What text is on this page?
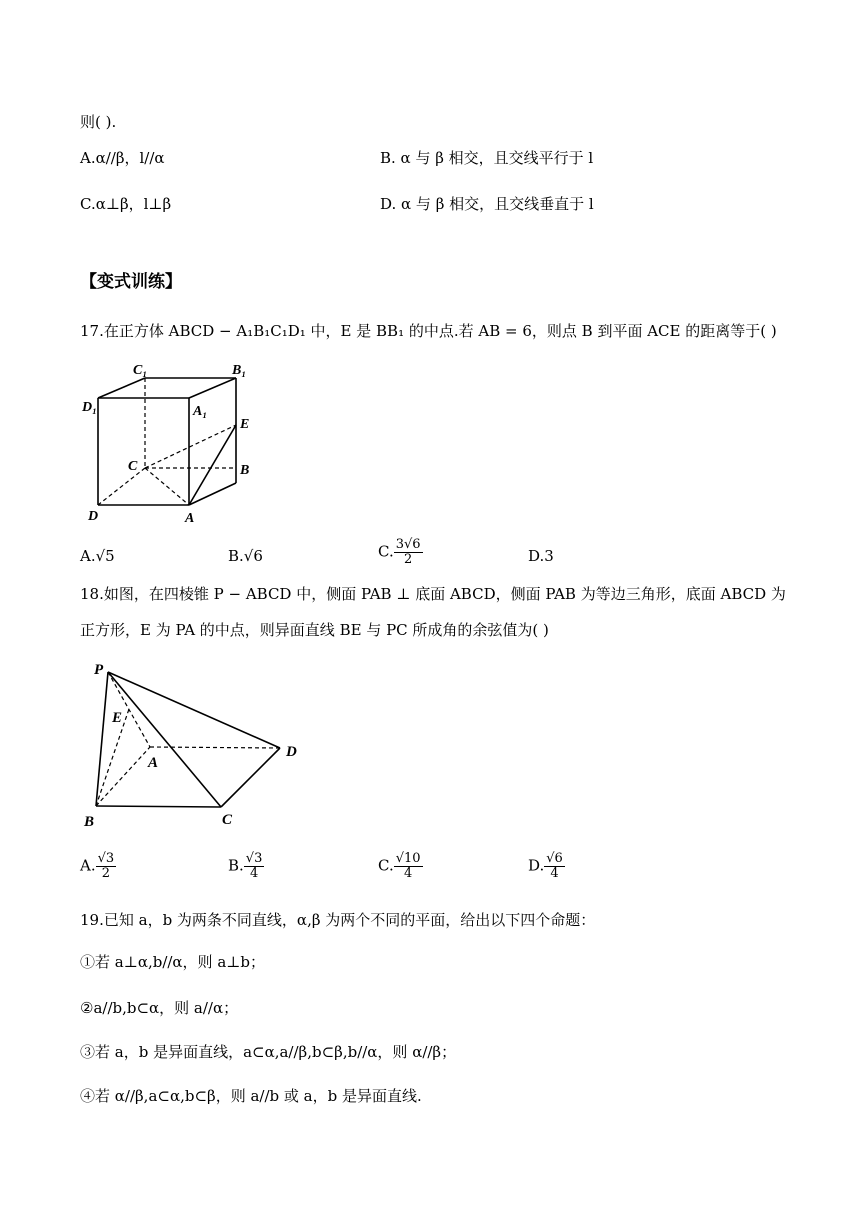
则( ).
A.α//β，l//α	B. α 与 β 相交，且交线平行于 l
C.α⊥β，l⊥β	D. α 与 β 相交，且交线垂直于 l
【变式训练】
17.在正方体 ABCD − A₁B₁C₁D₁ 中，E 是 BB₁ 的中点.若 AB = 6，则点 B 到平面 ACE 的距离等于( )
C₁	B₁
D₁	A₁
E
C	B
D	A
A.√5	B.√6	C. $\frac{3√6}{2}$	D.3
18.如图，在四棱锥 P − ABCD 中，侧面 PAB ⊥ 底面 ABCD，侧面 PAB 为等边三角形，底面 ABCD 为
正方形，E 为 PA 的中点，则异面直线 BE 与 PC 所成角的余弦值为( )
P
E
A
D
B	C
A. $\frac{√3}{2}$	B. $\frac{√3}{4}$	C. $\frac{√10}{4}$	D. $\frac{√6}{4}$
19.已知 a，b 为两条不同直线，α,β 为两个不同的平面，给出以下四个命题：
①若 a⊥α,b//α，则 a⊥b；
②a//b,b⊂α，则 a//α；
③若 a，b 是异面直线，a⊂α,a//β,b⊂β,b//α，则 α//β；
④若 α//β,a⊂α,b⊂β，则 a//b 或 a，b 是异面直线.
